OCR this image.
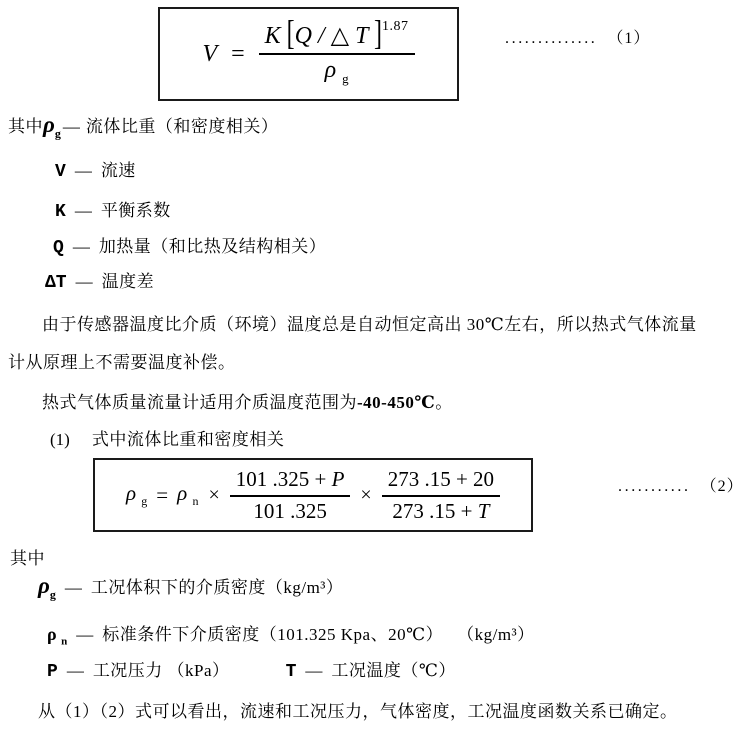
$V = \frac{K [Q / \triangle T ]^{1.87}}{\rho _g}$	.............. （1）
其中 $\rho_g$ — 流体比重（和密度相关）
V — 流速
K — 平衡系数
Q — 加热量（和比热及结构相关）
ΔT — 温度差
由于传感器温度比介质（环境）温度总是自动恒定高出 30℃左右，所以热式气体流量
计从原理上不需要温度补偿。
热式气体质量流量计适用介质温度范围为 -40-450℃ 。
(1) 式中流体比重和密度相关
ρ $_g$ = ρ $_n \times \frac{101 .325 + P}{101 .325} \times \frac{273 .15 + 20}{273 .15 + T}$	........... （2）
其中
$\rho_g$ — 工况体积下的介质密度（kg/m³）
ρ $_n$ — 标准条件下介质密度（101.325 Kpa、20℃） （kg/m³）
P — 工况压力 （kPa）	T — 工况温度（℃）
从（1）（2）式可以看出，流速和工况压力，气体密度，工况温度函数关系已确定。
